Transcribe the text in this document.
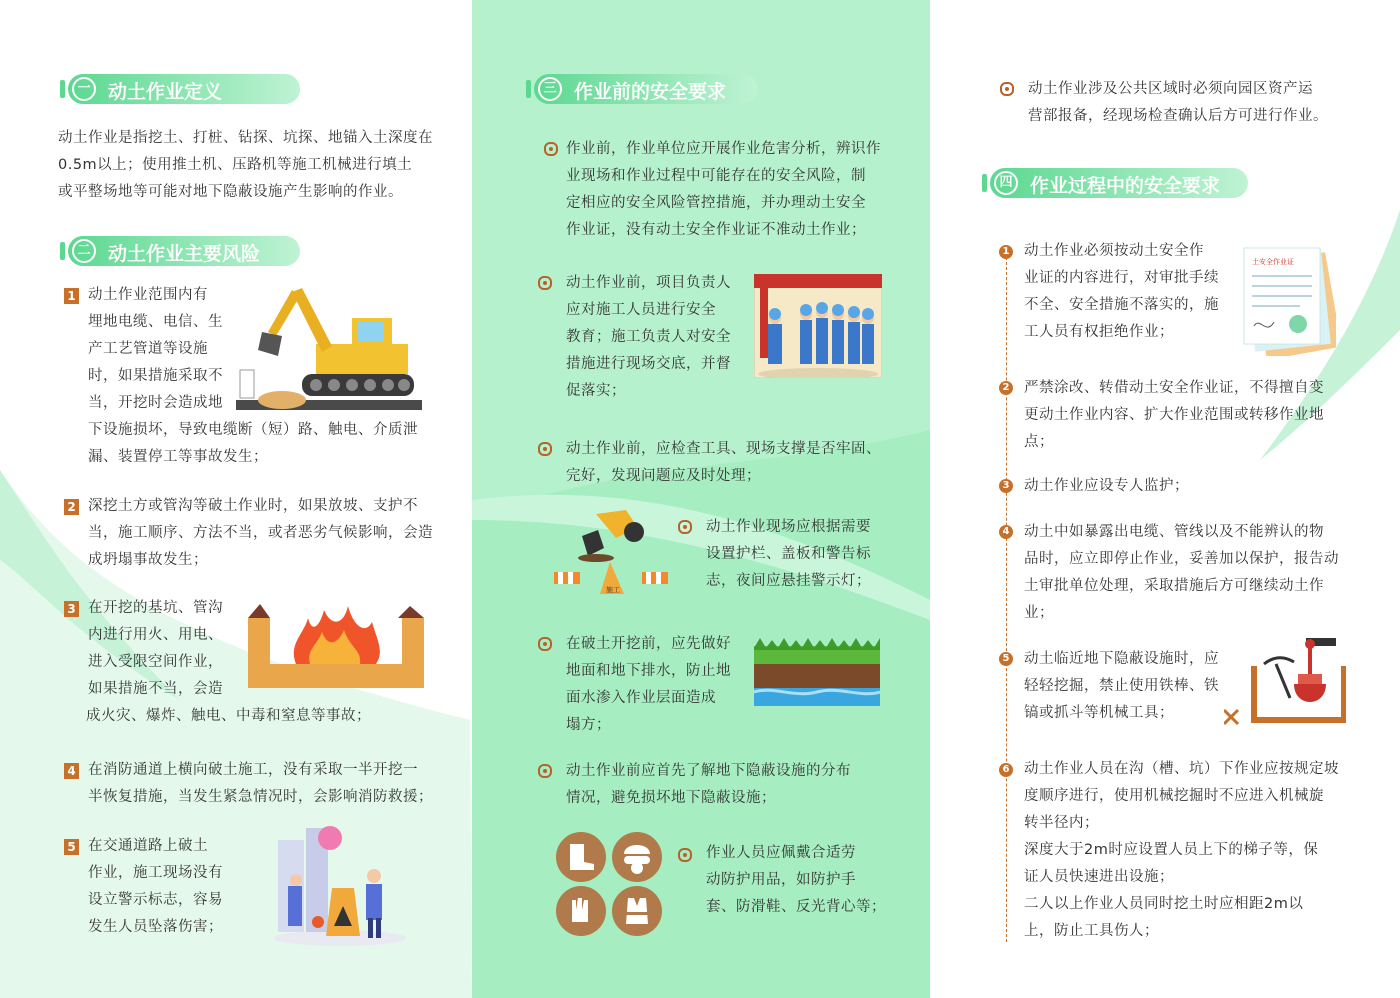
一 动土作业定义
动土作业是指挖土、打桩、钻探、坑探、地锚入土深度在
0.5m以上；使用推土机、压路机等施工机械进行填土
或平整场地等可能对地下隐蔽设施产生影响的作业。
二 动土作业主要风险
1 动土作业范围内有
埋地电缆、电信、生
产工艺管道等设施
时，如果措施采取不
当，开挖时会造成地
下设施损坏，导致电缆断（短）路、触电、介质泄
漏、装置停工等事故发生；
2 深挖土方或管沟等破土作业时，如果放坡、支护不
当，施工顺序、方法不当，或者恶劣气候影响，会造
成坍塌事故发生；
3 在开挖的基坑、管沟
内进行用火、用电、
进入受限空间作业，
如果措施不当，会造
成火灾、爆炸、触电、中毒和窒息等事故；
4 在消防通道上横向破土施工，没有采取一半开挖一
半恢复措施，当发生紧急情况时，会影响消防救援；
5 在交通道路上破土
作业，施工现场没有
设立警示标志，容易
发生人员坠落伤害；
三 作业前的安全要求
作业前，作业单位应开展作业危害分析，辨识作
业现场和作业过程中可能存在的安全风险，制
定相应的安全风险管控措施，并办理动土安全
作业证，没有动土安全作业证不准动土作业；
动土作业前，项目负责人
应对施工人员进行安全
教育；施工负责人对安全
措施进行现场交底，并督
促落实；
动土作业前，应检查工具、现场支撑是否牢固、
完好，发现问题应及时处理；
施工
动土作业现场应根据需要
设置护栏、盖板和警告标
志，夜间应悬挂警示灯；
在破土开挖前，应先做好
地面和地下排水，防止地
面水渗入作业层面造成
塌方；
动土作业前应首先了解地下隐蔽设施的分布
情况，避免损坏地下隐蔽设施；
作业人员应佩戴合适劳
动防护用品，如防护手
套、防滑鞋、反光背心等；
动土作业涉及公共区域时必须向园区资产运
营部报备，经现场检查确认后方可进行作业。
四 作业过程中的安全要求
1 动土作业必须按动土安全作
业证的内容进行，对审批手续
不全、安全措施不落实的，施
工人员有权拒绝作业；
土安全作业证
2 严禁涂改、转借动土安全作业证，不得擅自变
更动土作业内容、扩大作业范围或转移作业地
点；
3 动土作业应设专人监护；
4 动土中如暴露出电缆、管线以及不能辨认的物
品时，应立即停止作业，妥善加以保护，报告动
土审批单位处理，采取措施后方可继续动土作
业；
5 动土临近地下隐蔽设施时，应
轻轻挖掘，禁止使用铁棒、铁
镐或抓斗等机械工具；
6 动土作业人员在沟（槽、坑）下作业应按规定坡
度顺序进行，使用机械挖掘时不应进入机械旋
转半径内；
深度大于2m时应设置人员上下的梯子等，保
证人员快速进出设施；
二人以上作业人员同时挖土时应相距2m以
上，防止工具伤人；
